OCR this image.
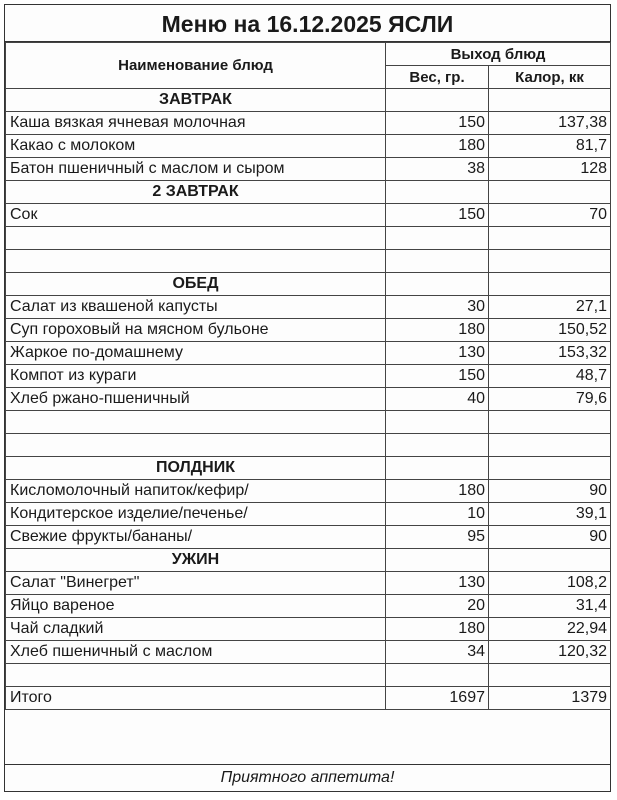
Меню на 16.12.2025 ЯСЛИ
Наименование блюд	Выход блюд	
	Вес, гр.	Калор, кк
ЗАВТРАК		
Каша вязкая ячневая молочная	150	137,38
Какао с молоком	180	81,7
Батон пшеничный с маслом и сыром	38	128
2 ЗАВТРАК		
Сок	150	70

ОБЕД		
Салат из квашеной капусты	30	27,1
Суп гороховый на мясном бульоне	180	150,52
Жаркое по-домашнему	130	153,32
Компот из кураги	150	48,7
Хлеб ржано-пшеничный	40	79,6

ПОЛДНИК		
Кисломолочный напиток/кефир/	180	90
Кондитерское изделие/печенье/	10	39,1
Свежие фрукты/бананы/	95	90
УЖИН		
Салат "Винегрет"	130	108,2
Яйцо вареное	20	31,4
Чай сладкий	180	22,94
Хлеб пшеничный с маслом	34	120,32

Итого	1697	1379
Приятного аппетита!
